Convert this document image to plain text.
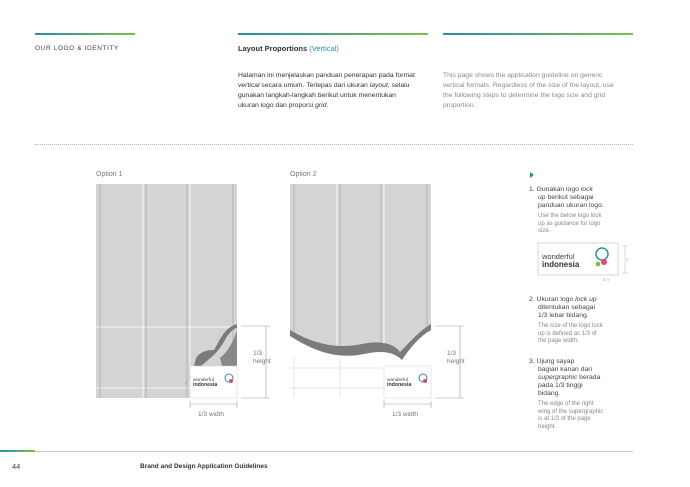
OUR LOGO & IDENTITY	Layout Proportions (Vertical)
Halaman ini menjelaskan panduan penerapan pada format
vertical secara umum. Terlepas dari ukuran layout, selalu
gunakan langkah-langkah berikut untuk menentukan
ukuran logo dan proporsi grid.
This page shows the application guideline on generic
vertical formats. Regardless of the size of the layout, use
the following steps to determine the logo size and grid
proportion.
Option 1	Option 2
wonderful
indonesia
1/3
height
1/3 width
wonderful
indonesia
1/3
height
1/3 width
1. Gunakan logo lock
up berikut sebagai
panduan ukuran logo.
Use the below logo lock
up as guidance for logo
size.
wonderful
indonesia
Y
X-Y
2. Ukuran logo lock up
ditentukan sebagai
1/3 lebar bidang.
The size of the logo lock
up is defined as 1/3 of
the page width.
3. Ujung sayap
bagian kanan dari
supergraphic berada
pada 1/3 tinggi
bidang.
The edge of the right
wing of the supergraphic
is at 1/3 of the page
height.
44	Brand and Design Application Guidelines
